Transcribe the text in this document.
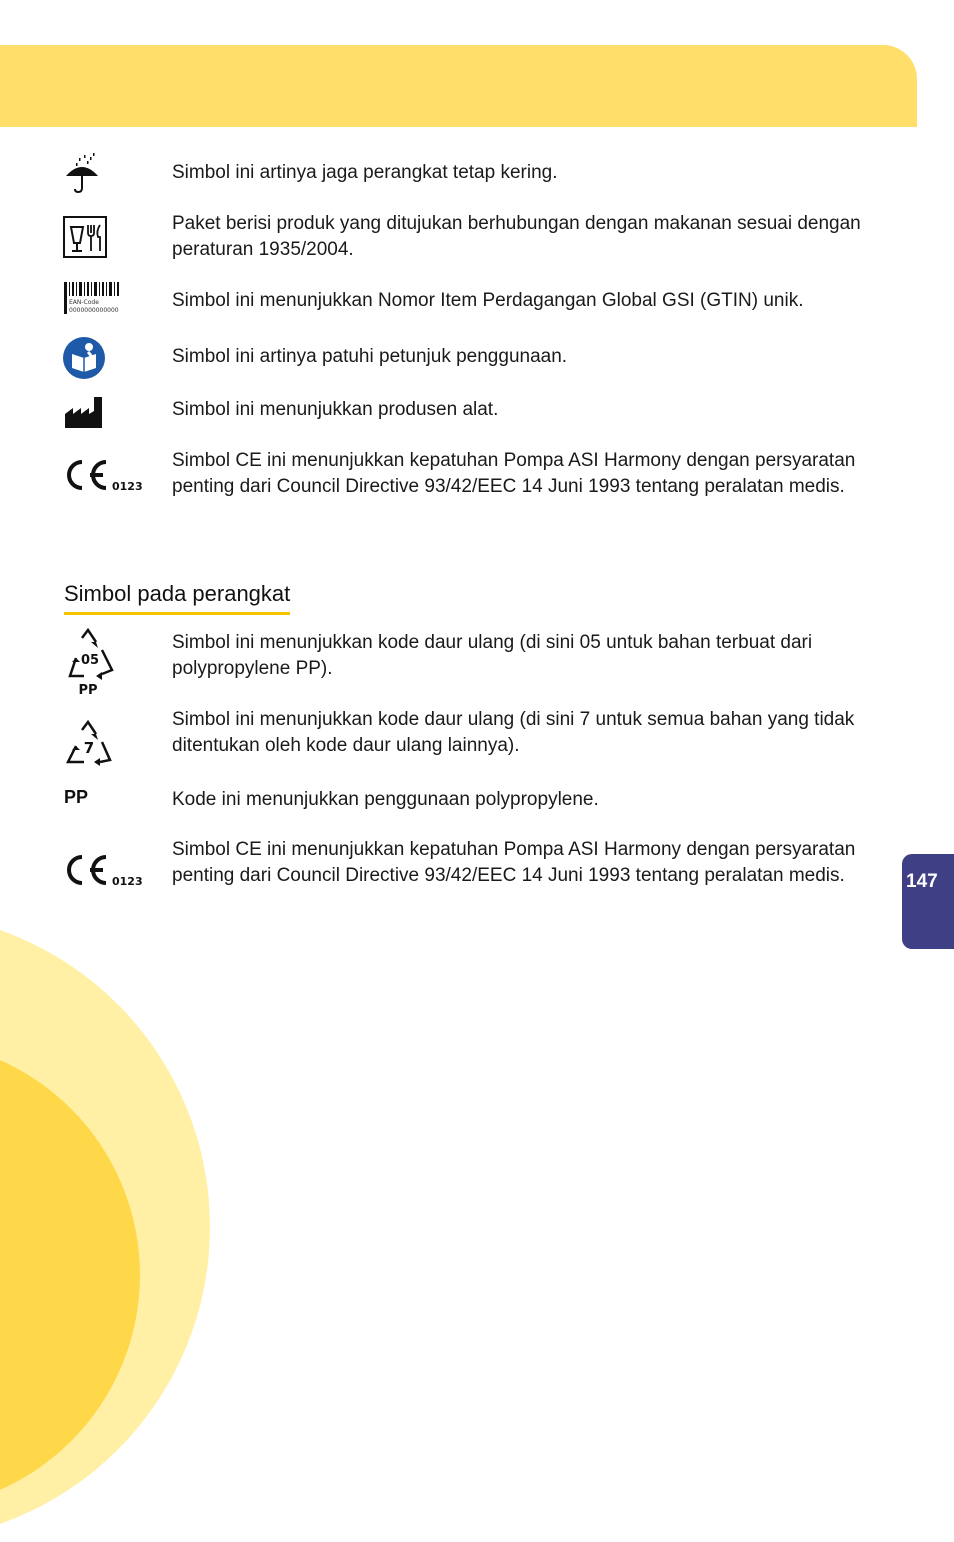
147

Simbol ini artinya jaga perangkat tetap kering.

Paket berisi produk yang ditujukan berhubungan dengan makanan sesuai dengan peraturan 1935/2004.

EAN-Code
0000000000000	Simbol ini menunjukkan Nomor Item Perdagangan Global GSI (GTIN) unik.

Simbol ini artinya patuhi petunjuk penggunaan.

Simbol ini menunjukkan produsen alat.

0123

Simbol CE ini menunjukkan kepatuhan Pompa ASI Harmony dengan persyaratan penting dari Council Directive 93/42/EEC 14 Juni 1993 tentang peralatan medis.

Simbol pada perangkat
05
PP

Simbol ini menunjukkan kode daur ulang (di sini 05 untuk bahan terbuat dari polypropylene PP).

7

Simbol ini menunjukkan kode daur ulang (di sini 7 untuk semua bahan yang tidak ditentukan oleh kode daur ulang lainnya).

PP	Kode ini menunjukkan penggunaan polypropylene.

0123

Simbol CE ini menunjukkan kepatuhan Pompa ASI Harmony dengan persyaratan penting dari Council Directive 93/42/EEC 14 Juni 1993 tentang peralatan medis.
